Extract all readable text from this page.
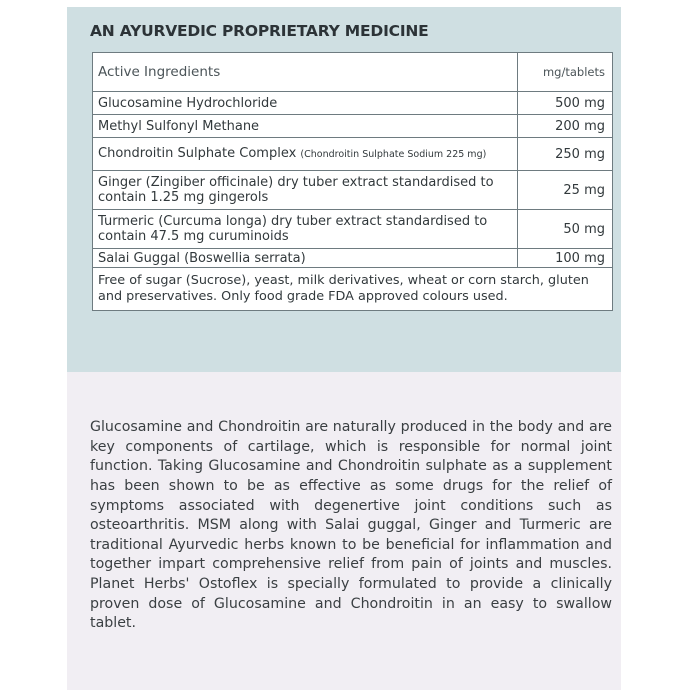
AN AYURVEDIC PROPRIETARY MEDICINE
Active Ingredients	mg/tablets
Glucosamine Hydrochloride	500 mg
Methyl Sulfonyl Methane	200 mg
Chondroitin Sulphate Complex (Chondroitin Sulphate Sodium 225 mg)	250 mg
Ginger (Zingiber officinale) dry tuber extract standardised to contain 1.25 mg gingerols	25 mg
Turmeric (Curcuma longa) dry tuber extract standardised to contain 47.5 mg curuminoids	50 mg
Salai Guggal (Boswellia serrata)	100 mg
Free of sugar (Sucrose), yeast, milk derivatives, wheat or corn starch, gluten and preservatives. Only food grade FDA approved colours used.	

Glucosamine and Chondroitin are naturally produced in the body and are key components of cartilage, which is responsible for normal joint function. Taking Glucosamine and Chondroitin sulphate as a supplement has been shown to be as effective as some drugs for the relief of symptoms associated with degenertive joint conditions such as osteoarthritis. MSM along with Salai guggal, Ginger and Turmeric are traditional Ayurvedic herbs known to be beneficial for inflammation and together impart comprehensive relief from pain of joints and muscles. Planet Herbs' Ostoflex is specially formulated to provide a clinically proven dose of Glucosamine and Chondroitin in an easy to swallow tablet.
